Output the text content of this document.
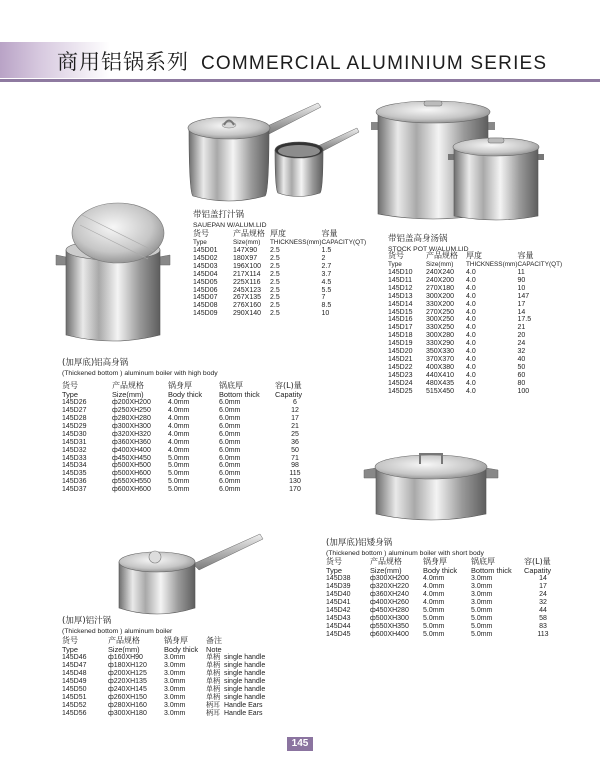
商用铝锅系列 COMMERCIAL ALUMINIUM SERIES
带铝盖打汁锅
SAUEPAN W/ALUM.LID
货号	产品规格	厚度	容量
Type	Size(mm)	THICKNESS(mm)	CAPACITY(QT)
145D01	147X90	2.5	1.5
145D02	180X97	2.5	2
145D03	196X100	2.5	2.7
145D04	217X114	2.5	3.7
145D05	225X116	2.5	4.5
145D06	245X123	2.5	5.5
145D07	267X135	2.5	7
145D08	276X160	2.5	8.5
145D09	290X140	2.5	10
带铝盖高身汤锅
STOCK POT W/ALUM.LID
货号	产品规格	厚度	容量
Type	Size(mm)	THICKNESS(mm)	CAPACITY(QT)
145D10	240X240	4.0	11
145D11	240X200	4.0	90
145D12	270X180	4.0	10
145D13	300X200	4.0	147
145D14	330X200	4.0	17
145D15	270X250	4.0	14
145D16	300X250	4.0	17.5
145D17	330X250	4.0	21
145D18	300X280	4.0	20
145D19	330X290	4.0	24
145D20	350X330	4.0	32
145D21	370X370	4.0	40
145D22	400X380	4.0	50
145D23	440X410	4.0	60
145D24	480X435	4.0	80
145D25	515X450	4.0	100
(加厚底)铝高身锅
(Thickened bottom ) aluminum boiler with high body
货号	产品规格	锅身厚	锅底厚	容(L)量
Type	Size(mm)	Body thick	Bottom thick	Capatity
145D26	ф200XH200	4.0mm	6.0mm	6
145D27	ф250XH250	4.0mm	6.0mm	12
145D28	ф280XH280	4.0mm	6.0mm	17
145D29	ф300XH300	4.0mm	6.0mm	21
145D30	ф320XH320	4.0mm	6.0mm	25
145D31	ф360XH360	4.0mm	6.0mm	36
145D32	ф400XH400	4.0mm	6.0mm	50
145D33	ф450XH450	5.0mm	6.0mm	71
145D34	ф500XH500	5.0mm	6.0mm	98
145D35	ф500XH600	5.0mm	6.0mm	115
145D36	ф550XH550	5.0mm	6.0mm	130
145D37	ф600XH600	5.0mm	6.0mm	170
(加厚底)铝矮身锅
(Thickened bottom ) aluminum boiler with short body
货号	产品规格	锅身厚	锅底厚	容(L)量
Type	Size(mm)	Body thick	Bottom thick	Capatity
145D38	ф300XH200	4.0mm	3.0mm	14
145D39	ф320XH220	4.0mm	3.0mm	17
145D40	ф360XH240	4.0mm	3.0mm	24
145D41	ф400XH260	4.0mm	3.0mm	32
145D42	ф450XH280	5.0mm	5.0mm	44
145D43	ф500XH300	5.0mm	5.0mm	58
145D44	ф550XH350	5.0mm	5.0mm	83
145D45	ф600XH400	5.0mm	5.0mm	113
(加厚)铝汁锅
(Thickened bottom ) aluminum boiler
货号	产品规格	锅身厚	备注	
Type	Size(mm)	Body thick	Note	
145D46	ф160XH90	3.0mm	单柄	single handle
145D47	ф180XH120	3.0mm	单柄	single handle
145D48	ф200XH125	3.0mm	单柄	single handle
145D49	ф220XH135	3.0mm	单柄	single handle
145D50	ф240XH145	3.0mm	单柄	single handle
145D51	ф260XH150	3.0mm	单柄	single handle
145D52	ф280XH160	3.0mm	柄耳	Handle Ears
145D56	ф300XH180	3.0mm	柄耳	Handle Ears
145
